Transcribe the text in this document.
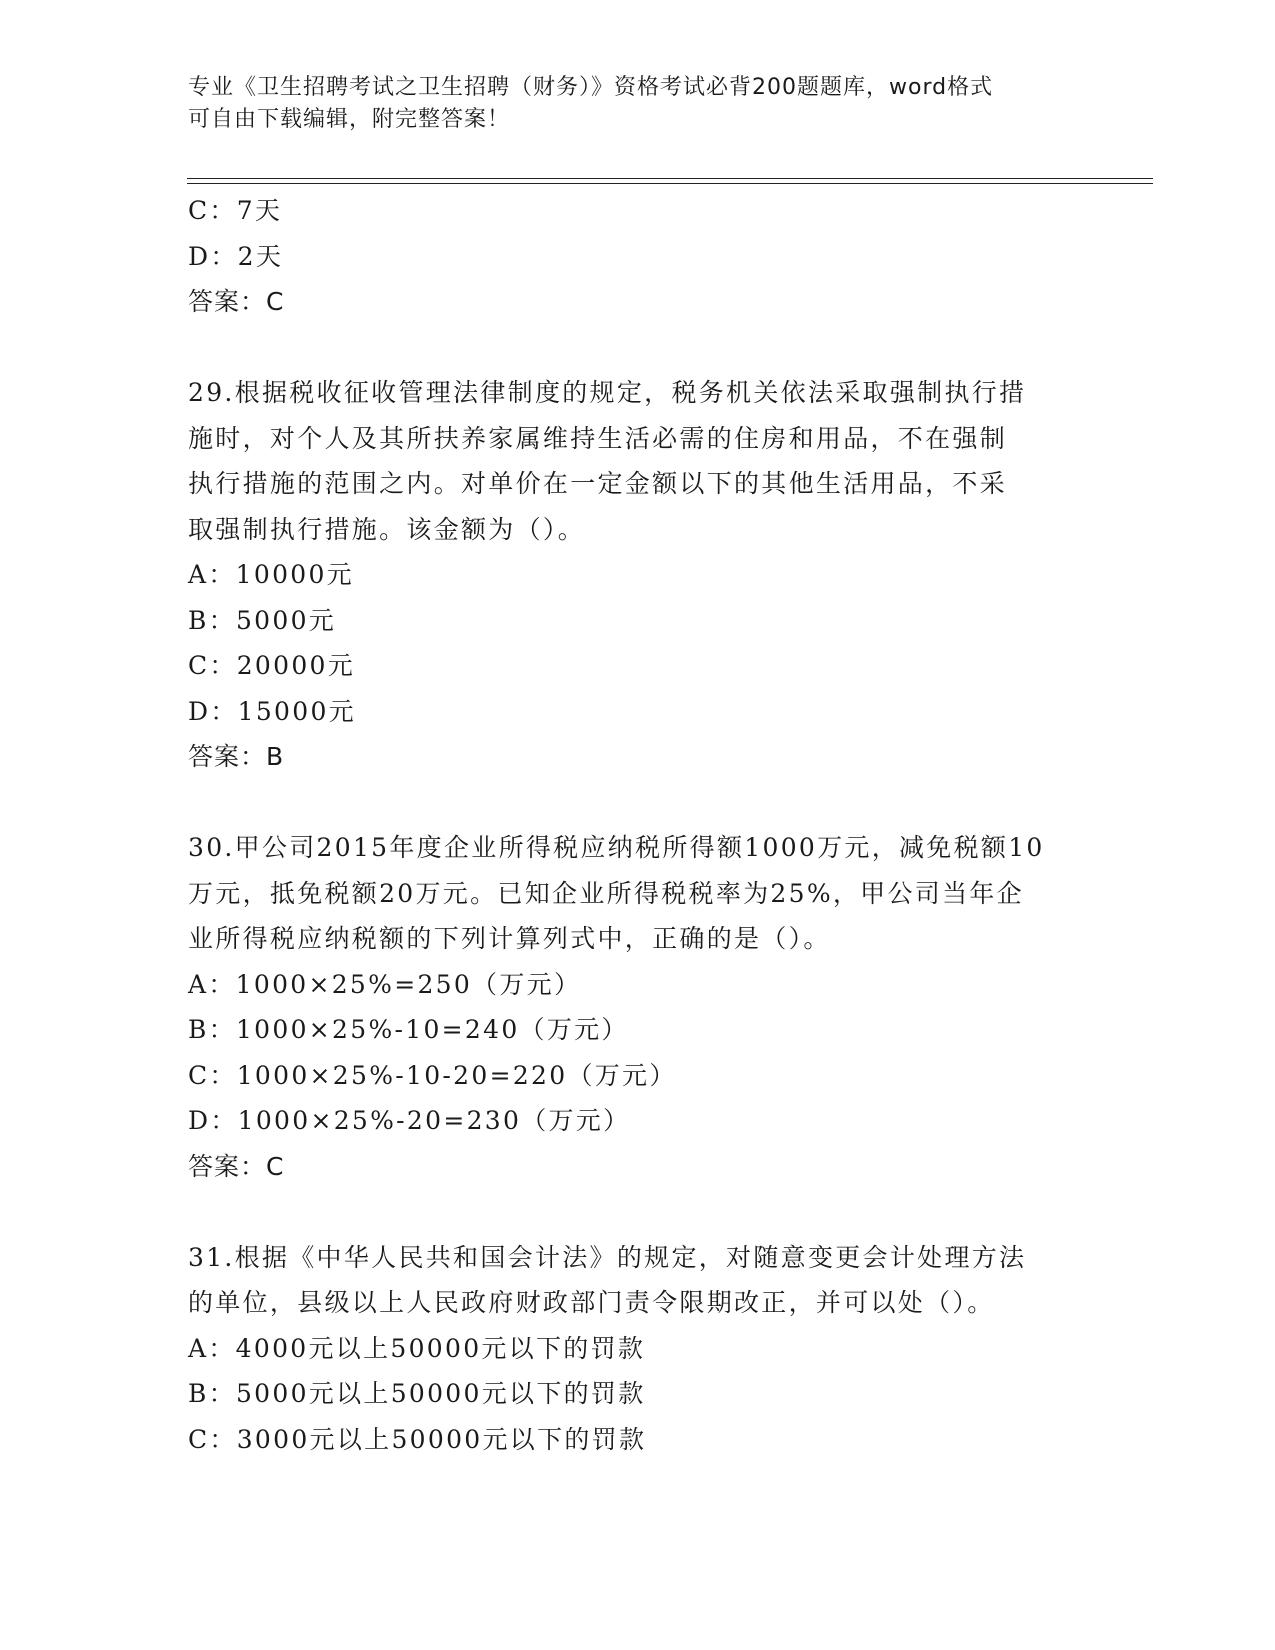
专业《卫生招聘考试之卫生招聘（财务）》资格考试必背200题题库，word格式
可自由下载编辑，附完整答案！
C：7天
D：2天
答案：C
29.根据税收征收管理法律制度的规定，税务机关依法采取强制执行措
施时，对个人及其所扶养家属维持生活必需的住房和用品，不在强制
执行措施的范围之内。对单价在一定金额以下的其他生活用品，不采
取强制执行措施。该金额为（）。
A：10000元
B：5000元
C：20000元
D：15000元
答案：B
30.甲公司2015年度企业所得税应纳税所得额1000万元，减免税额10
万元，抵免税额20万元。已知企业所得税税率为25%，甲公司当年企
业所得税应纳税额的下列计算列式中，正确的是（）。
A：1000×25%=250（万元）
B：1000×25%-10=240（万元）
C：1000×25%-10-20=220（万元）
D：1000×25%-20=230（万元）
答案：C
31.根据《中华人民共和国会计法》的规定，对随意变更会计处理方法
的单位，县级以上人民政府财政部门责令限期改正，并可以处（）。
A：4000元以上50000元以下的罚款
B：5000元以上50000元以下的罚款
C：3000元以上50000元以下的罚款
